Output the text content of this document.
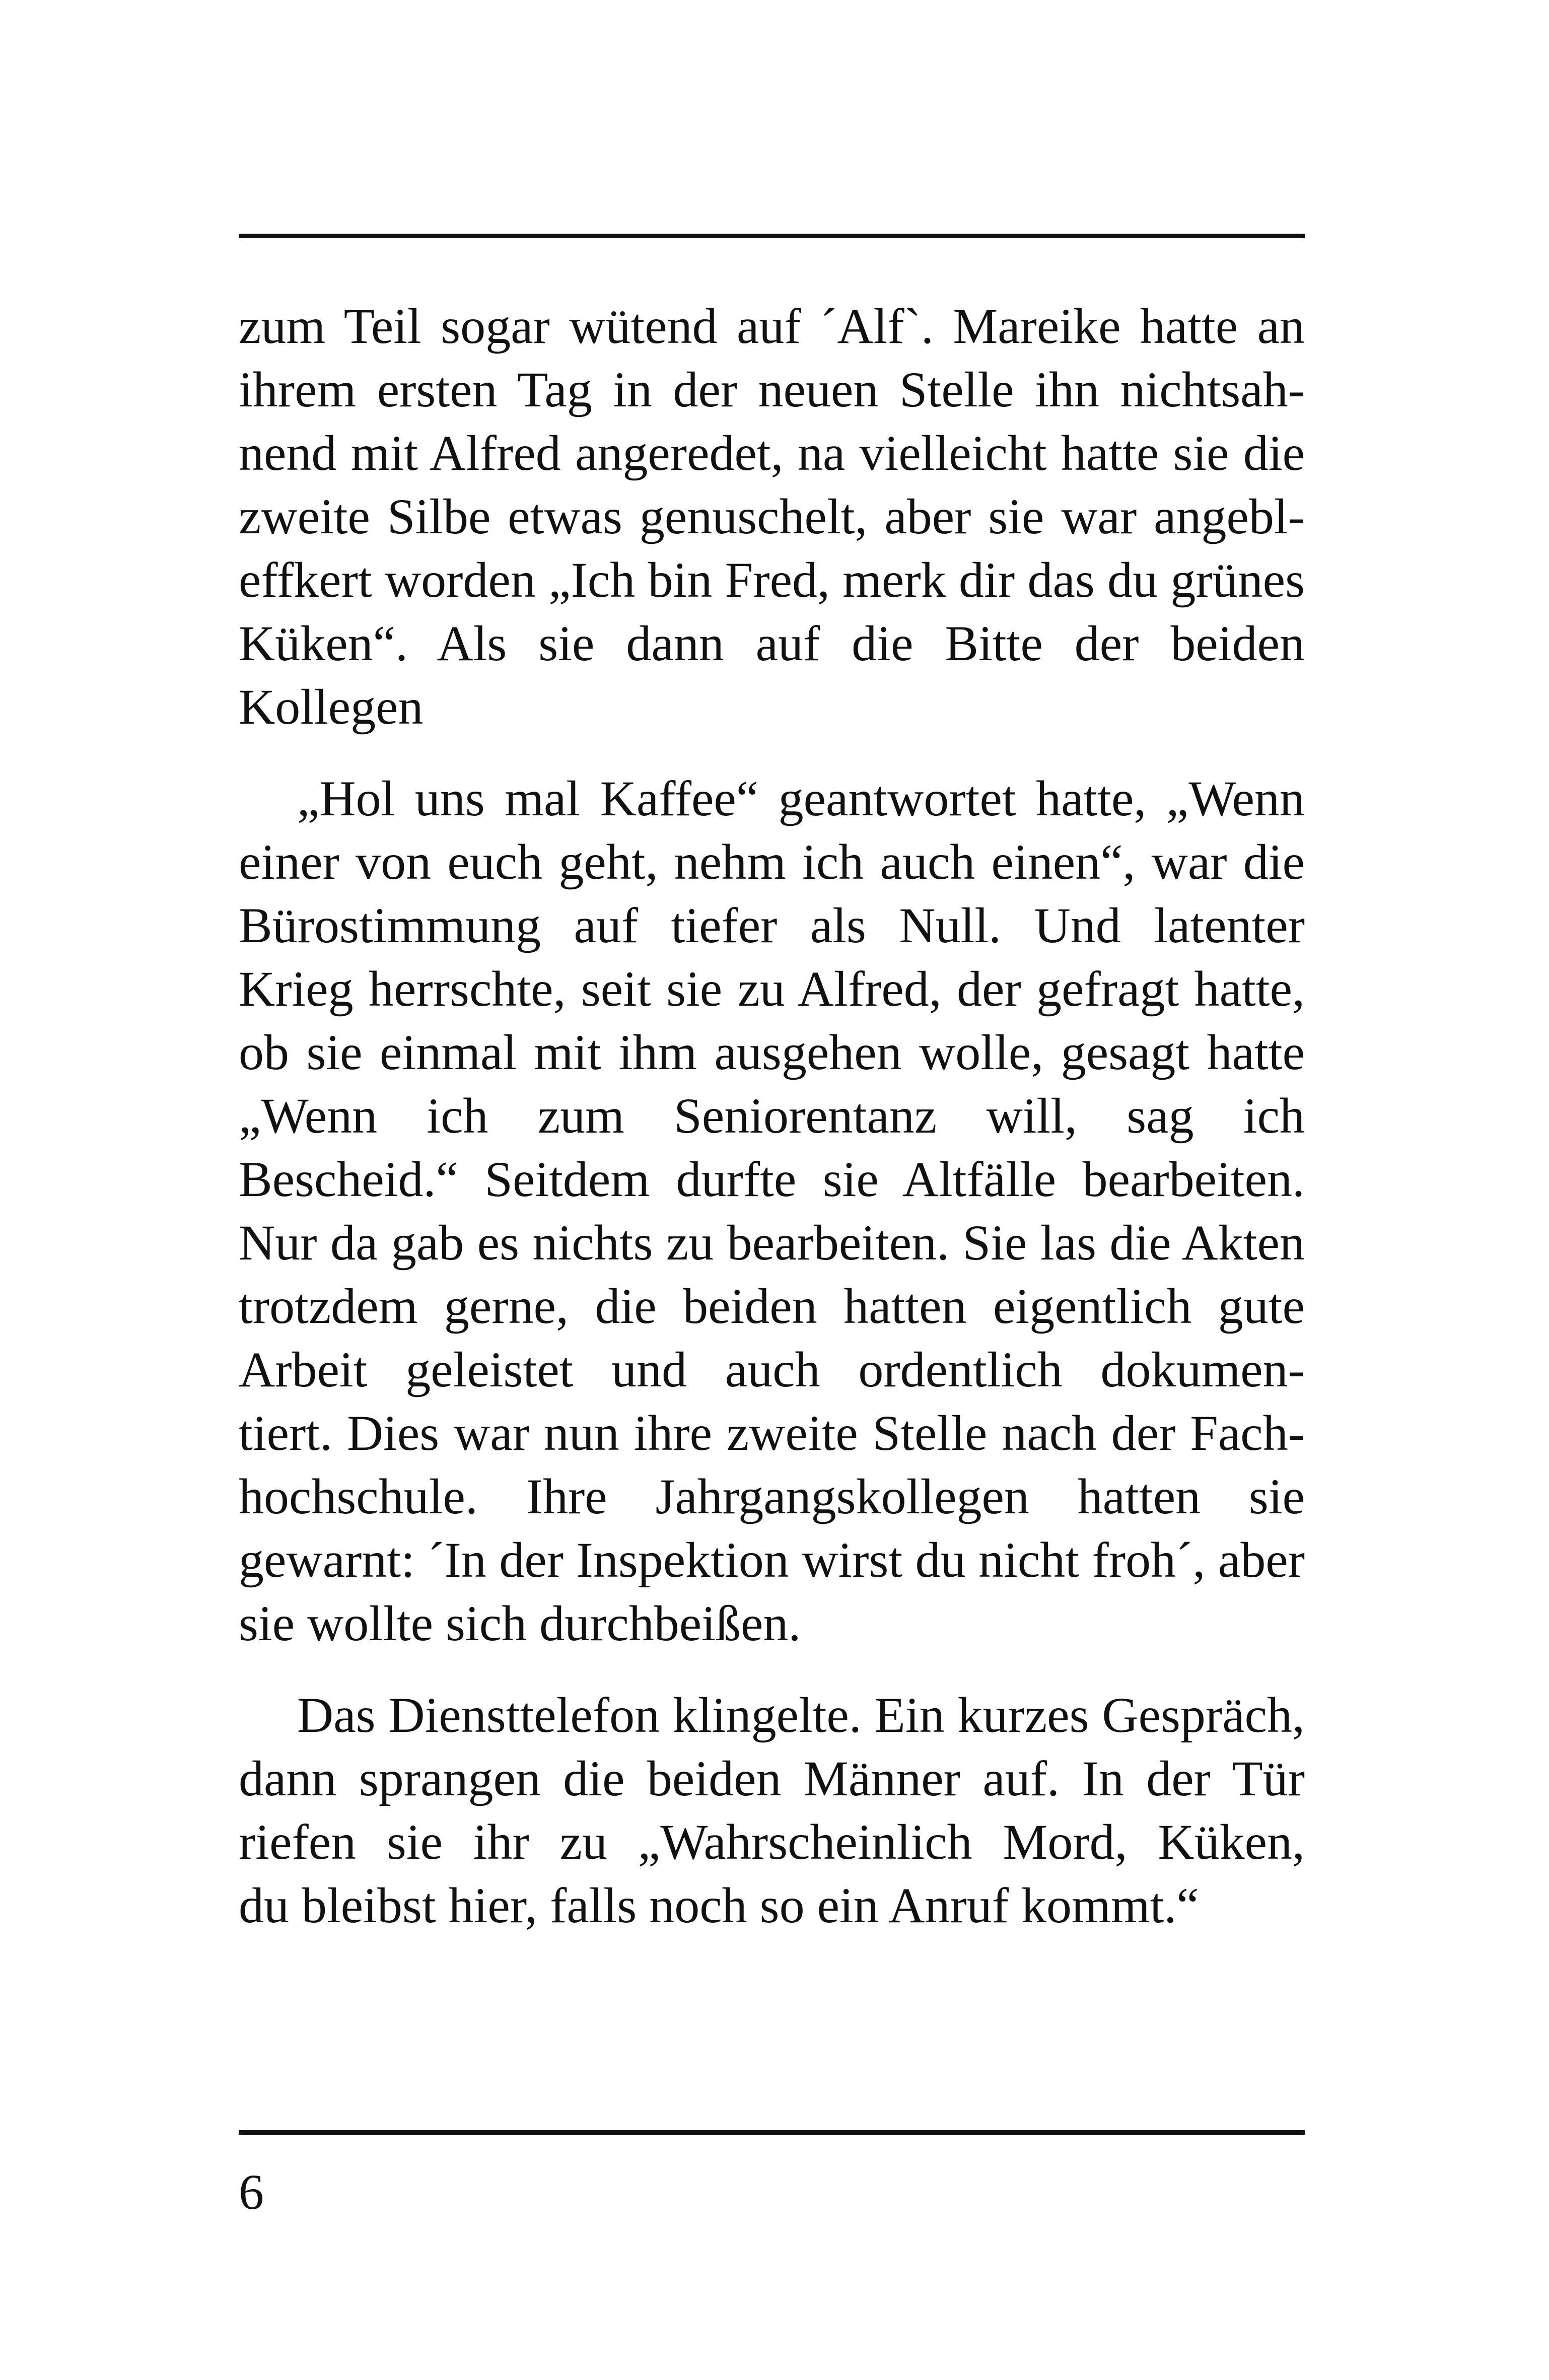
zum Teil sogar wütend auf ´Alf`. Mareike hatte an
ihrem ersten Tag in der neuen Stelle ihn nichtsah-
nend mit Alfred angeredet, na vielleicht hatte sie die
zweite Silbe etwas genuschelt, aber sie war angebl-
effkert worden „Ich bin Fred, merk dir das du grünes
Küken“. Als sie dann auf die Bitte der beiden
Kollegen
„Hol uns mal Kaffee“ geantwortet hatte, „Wenn
einer von euch geht, nehm ich auch einen“, war die
Bürostimmung auf tiefer als Null. Und latenter
Krieg herrschte, seit sie zu Alfred, der gefragt hatte,
ob sie einmal mit ihm ausgehen wolle, gesagt hatte
„Wenn ich zum Seniorentanz will, sag ich
Bescheid.“ Seitdem durfte sie Altfälle bearbeiten.
Nur da gab es nichts zu bearbeiten. Sie las die Akten
trotzdem gerne, die beiden hatten eigentlich gute
Arbeit geleistet und auch ordentlich dokumen-
tiert. Dies war nun ihre zweite Stelle nach der Fach-
hochschule. Ihre Jahrgangskollegen hatten sie
gewarnt: ´In der Inspektion wirst du nicht froh´, aber
sie wollte sich durchbeißen.
Das Diensttelefon klingelte. Ein kurzes Gespräch,
dann sprangen die beiden Männer auf. In der Tür
riefen sie ihr zu „Wahrscheinlich Mord, Küken,
du bleibst hier, falls noch so ein Anruf kommt.“
6
